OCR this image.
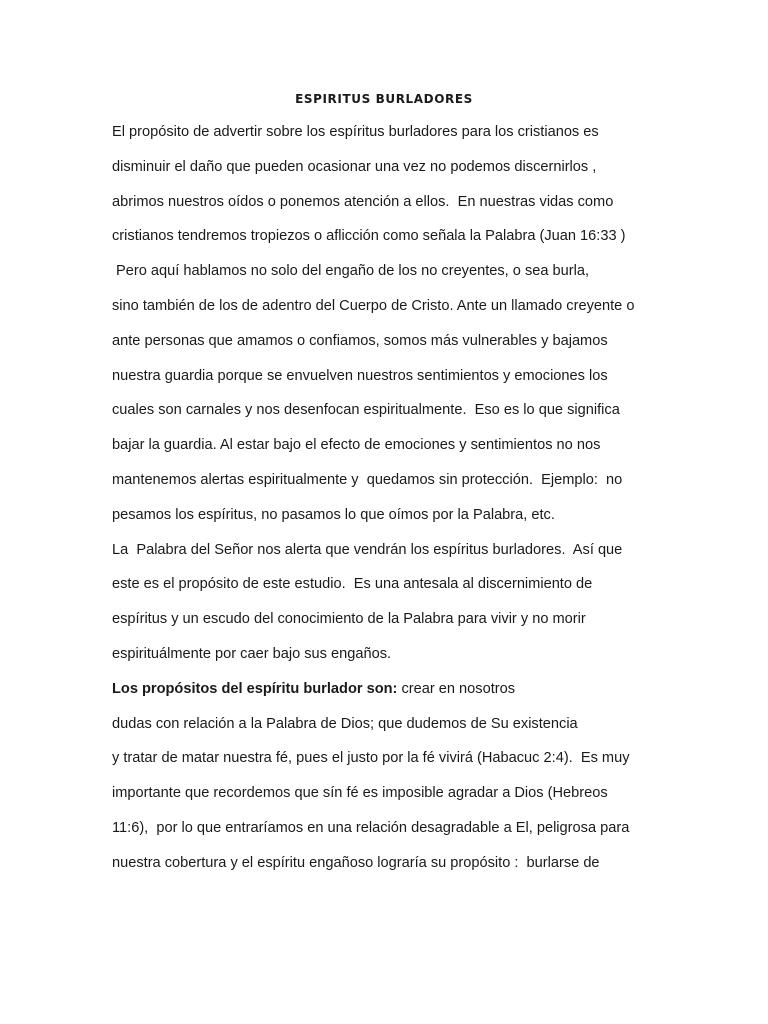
ESPIRITUS BURLADORES
El propósito de advertir sobre los espíritus burladores para los cristianos es
disminuir el daño que pueden ocasionar una vez no podemos discernirlos ,
abrimos nuestros oídos o ponemos atención a ellos.  En nuestras vidas como
cristianos tendremos tropiezos o aflicción como señala la Palabra (Juan 16:33 )
Pero aquí hablamos no solo del engaño de los no creyentes, o sea burla,
sino también de los de adentro del Cuerpo de Cristo. Ante un llamado creyente o
ante personas que amamos o confiamos, somos más vulnerables y bajamos
nuestra guardia porque se envuelven nuestros sentimientos y emociones los
cuales son carnales y nos desenfocan espiritualmente.  Eso es lo que significa
bajar la guardia. Al estar bajo el efecto de emociones y sentimientos no nos
mantenemos alertas espiritualmente y  quedamos sin protección.  Ejemplo:  no
pesamos los espíritus, no pasamos lo que oímos por la Palabra, etc.
La  Palabra del Señor nos alerta que vendrán los espíritus burladores.  Así que
este es el propósito de este estudio.  Es una antesala al discernimiento de
espíritus y un escudo del conocimiento de la Palabra para vivir y no morir
espirituálmente por caer bajo sus engaños.
Los propósitos del espíritu burlador son: crear en nosotros
dudas con relación a la Palabra de Dios; que dudemos de Su existencia
y tratar de matar nuestra fé, pues el justo por la fé vivirá (Habacuc 2:4).  Es muy
importante que recordemos que sín fé es imposible agradar a Dios (Hebreos
11:6),  por lo que entraríamos en una relación desagradable a El, peligrosa para
nuestra cobertura y el espíritu engañoso lograría su propósito :  burlarse de
